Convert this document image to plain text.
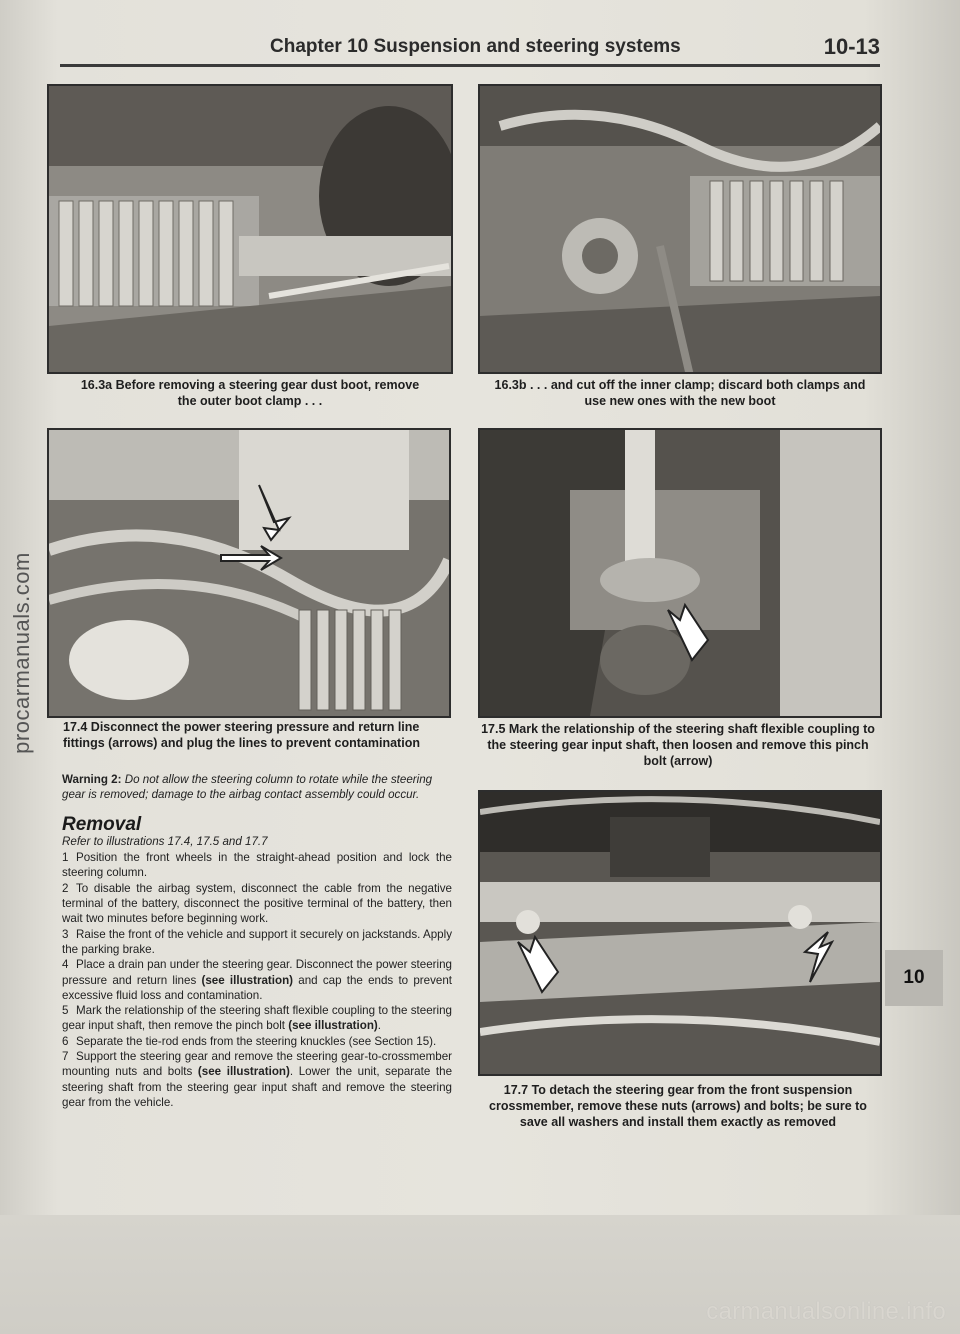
Chapter 10 Suspension and steering systems	10-13
16.3a Before removing a steering gear dust boot, remove the outer boot clamp . . .
16.3b . . . and cut off the inner clamp; discard both clamps and use new ones with the new boot
17.4 Disconnect the power steering pressure and return line fittings (arrows) and plug the lines to prevent contamination
17.5 Mark the relationship of the steering shaft flexible coupling to the steering gear input shaft, then loosen and remove this pinch bolt (arrow)

Warning 2: Do not allow the steering column to rotate while the steering gear is removed; damage to the airbag contact assembly could occur.

Removal

Refer to illustrations 17.4, 17.5 and 17.7

1 Position the front wheels in the straight-ahead position and lock the steering column.

2 To disable the airbag system, disconnect the cable from the negative terminal of the battery, disconnect the positive terminal of the battery, then wait two minutes before beginning work.

3 Raise the front of the vehicle and support it securely on jackstands. Apply the parking brake.

4 Place a drain pan under the steering gear. Disconnect the power steering pressure and return lines (see illustration) and cap the ends to prevent excessive fluid loss and contamination.

5 Mark the relationship of the steering shaft flexible coupling to the steering gear input shaft, then remove the pinch bolt (see illustration).

6 Separate the tie-rod ends from the steering knuckles (see Section 15).

7 Support the steering gear and remove the steering gear-to-crossmember mounting nuts and bolts (see illustration). Lower the unit, separate the steering shaft from the steering gear input shaft and remove the steering gear from the vehicle.

17.7 To detach the steering gear from the front suspension crossmember, remove these nuts (arrows) and bolts; be sure to save all washers and install them exactly as removed
10
procarmanuals.com
carmanualsonline.info
